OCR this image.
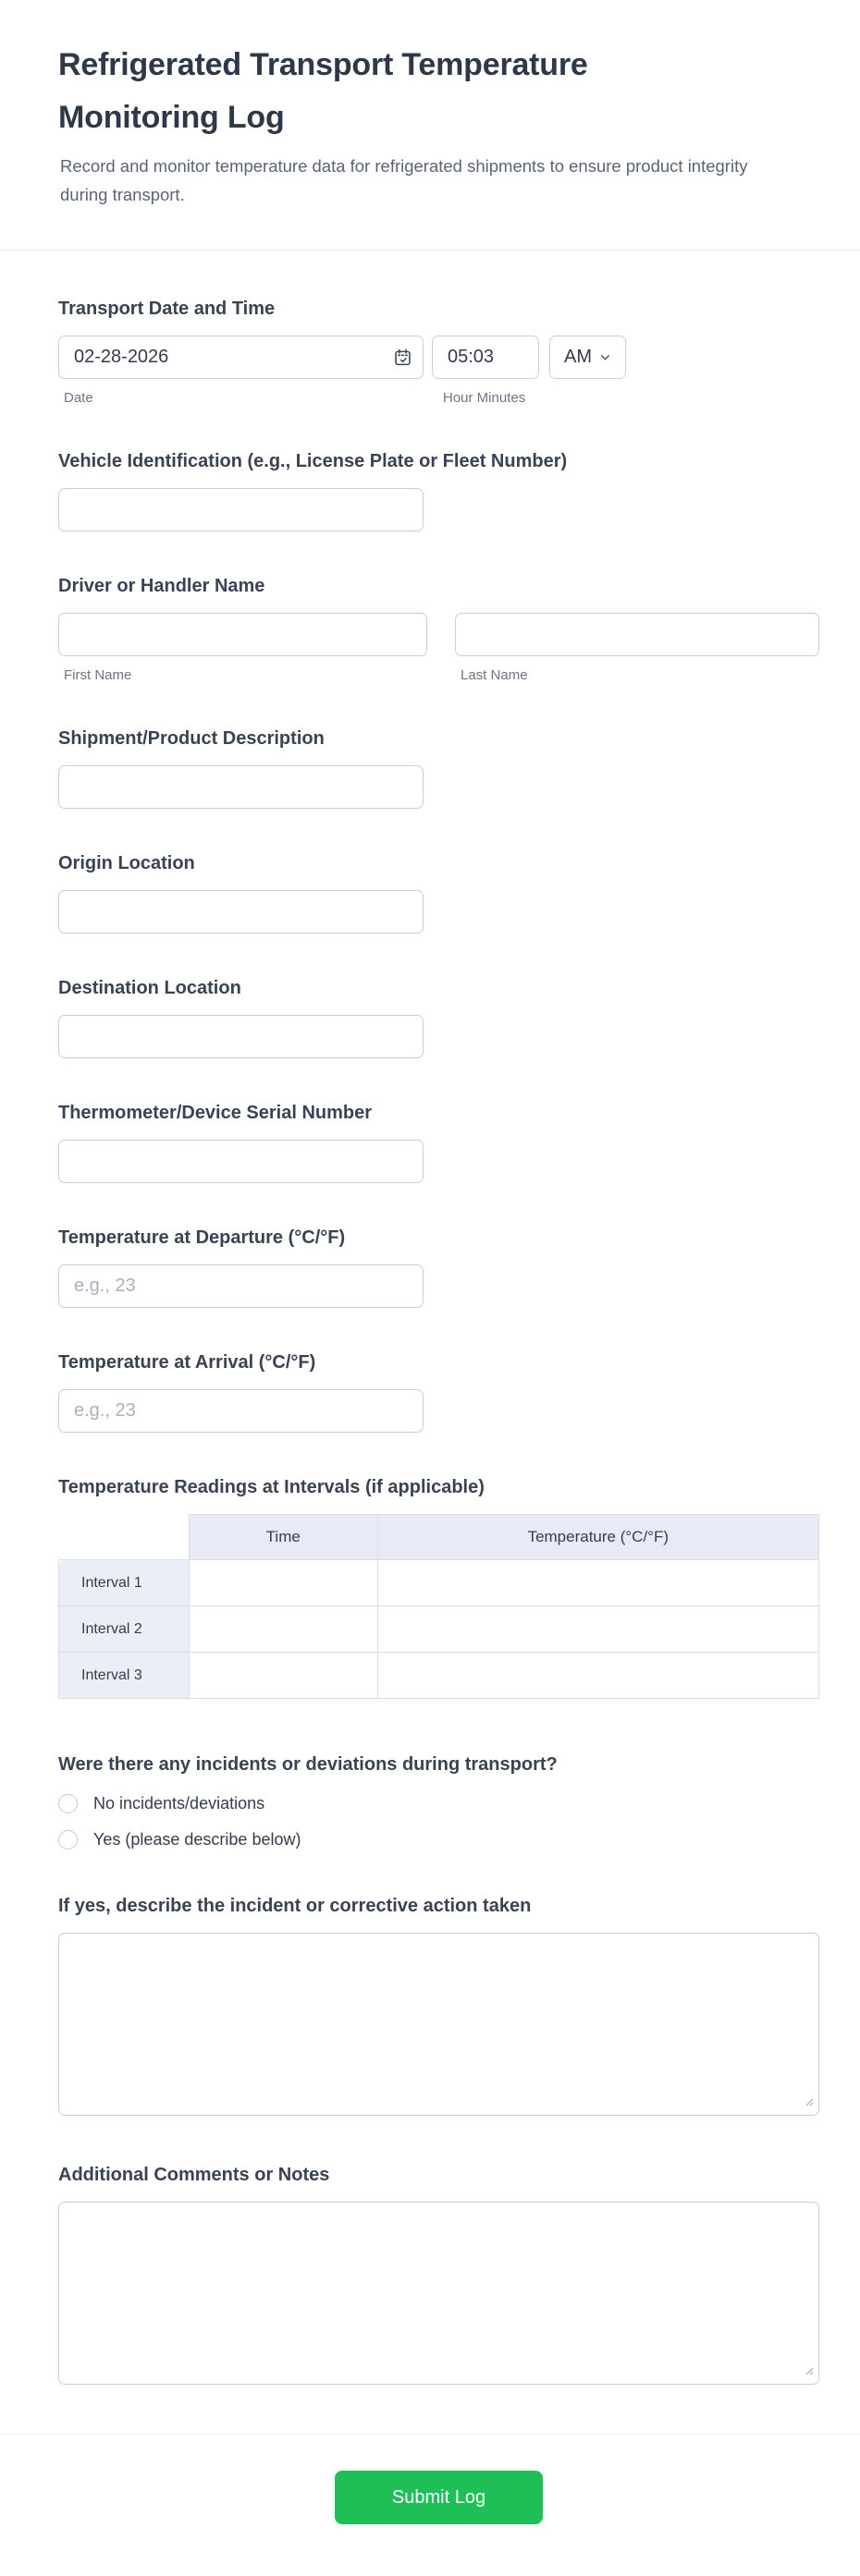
Refrigerated Transport Temperature Monitoring Log

Record and monitor temperature data for refrigerated shipments to ensure product integrity during transport.

Transport Date and Time
02-28-2026
05:03
AM
Date	Hour Minutes
Vehicle Identification (e.g., License Plate or Fleet Number)
Driver or Handler Name
First Name	Last Name
Shipment/Product Description
Origin Location
Destination Location
Thermometer/Device Serial Number
Temperature at Departure (°C/°F)
e.g., 23
Temperature at Arrival (°C/°F)
e.g., 23
Temperature Readings at Intervals (if applicable)
	Time	Temperature (°C/°F)
Interval 1		
Interval 2		
Interval 3		
Were there any incidents or deviations during transport?
No incidents/deviations
Yes (please describe below)
If yes, describe the incident or corrective action taken
Additional Comments or Notes
Submit Log
